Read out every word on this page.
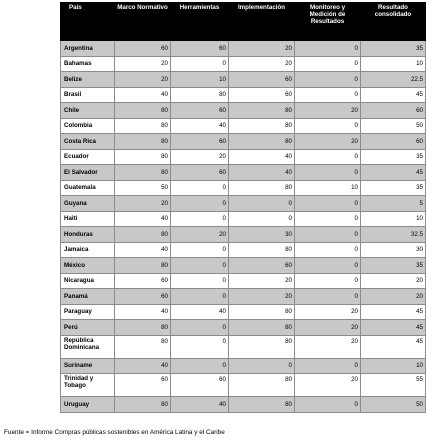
País	Marco Normativo	Herramientas	Implementación	Monitoreo y Medición de Resultados	Resultado consolidado
Argentina	60	60	20	0	35
Bahamas	20	0	20	0	10
Belize	20	10	60	0	22.5
Brasil	40	80	60	0	45
Chile	80	60	80	20	60
Colombia	80	40	80	0	50
Costa Rica	80	60	80	20	60
Ecuador	80	20	40	0	35
El Salvador	80	60	40	0	45
Guatemala	50	0	80	10	35
Guyana	20	0	0	0	5
Haiti	40	0	0	0	10
Honduras	80	20	30	0	32.5
Jamaica	40	0	80	0	30
México	80	0	60	0	35
Nicaragua	60	0	20	0	20
Panamá	60	0	20	0	20
Paraguay	40	40	80	20	45
Perú	80	0	80	20	45
República Dominicana	80	0	80	20	45
Suriname	40	0	0	0	10
Trinidad y Tobago	60	60	80	20	55
Uruguay	80	40	80	0	50
Fuente = Informe Compras públicas sostenibles en América Latina y el Caribe
